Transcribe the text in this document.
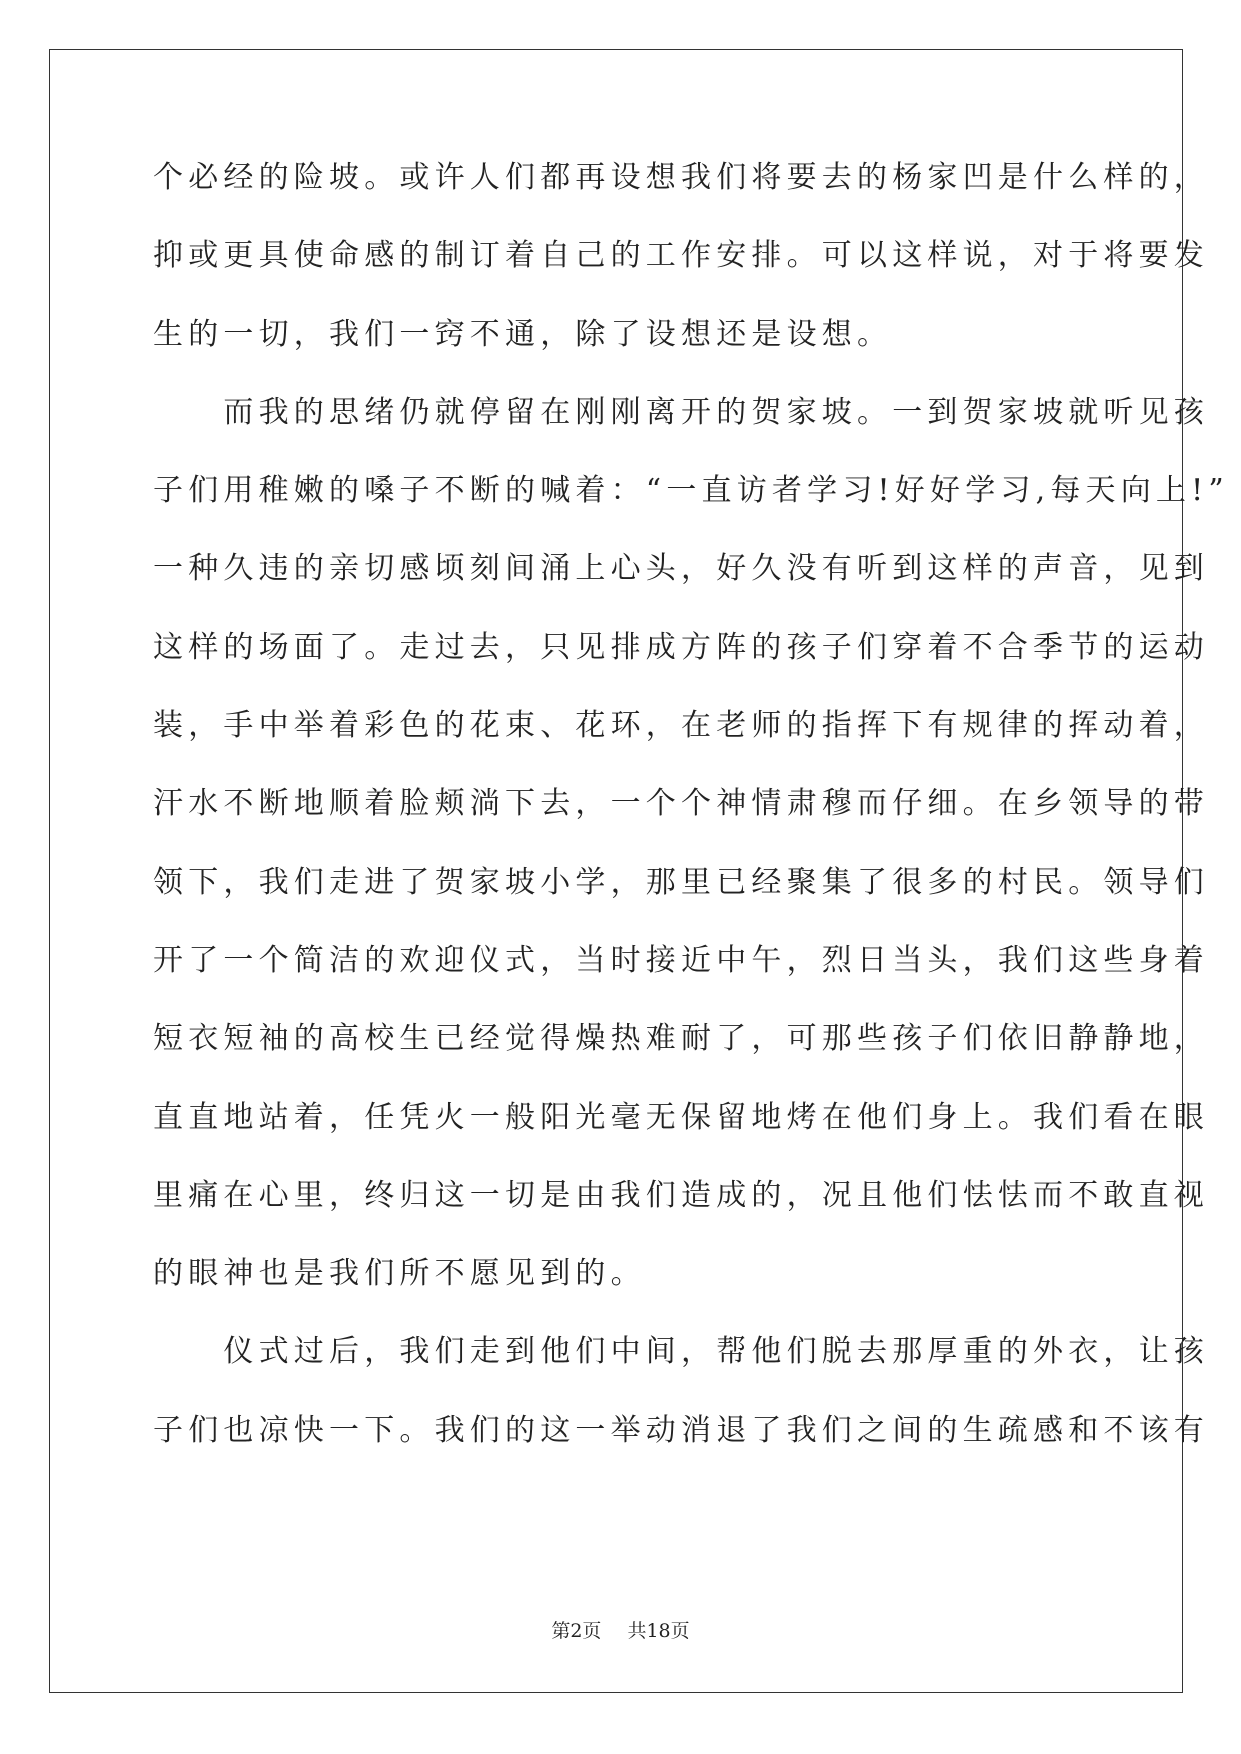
个必经的险坡。或许人们都再设想我们将要去的杨家凹是什么样的，
抑或更具使命感的制订着自己的工作安排。可以这样说，对于将要发
生的一切，我们一窍不通，除了设想还是设想。
　　而我的思绪仍就停留在刚刚离开的贺家坡。一到贺家坡就听见孩
子们用稚嫩的嗓子不断的喊着：“一直访者学习!好好学习,每天向上!”
一种久违的亲切感顷刻间涌上心头，好久没有听到这样的声音，见到
这样的场面了。走过去，只见排成方阵的孩子们穿着不合季节的运动
装，手中举着彩色的花束、花环，在老师的指挥下有规律的挥动着，
汗水不断地顺着脸颊淌下去，一个个神情肃穆而仔细。在乡领导的带
领下，我们走进了贺家坡小学，那里已经聚集了很多的村民。领导们
开了一个简洁的欢迎仪式，当时接近中午，烈日当头，我们这些身着
短衣短袖的高校生已经觉得燥热难耐了，可那些孩子们依旧静静地，
直直地站着，任凭火一般阳光毫无保留地烤在他们身上。我们看在眼
里痛在心里，终归这一切是由我们造成的，况且他们怯怯而不敢直视
的眼神也是我们所不愿见到的。
　　仪式过后，我们走到他们中间，帮他们脱去那厚重的外衣，让孩
子们也凉快一下。我们的这一举动消退了我们之间的生疏感和不该有
第2页 共18页
